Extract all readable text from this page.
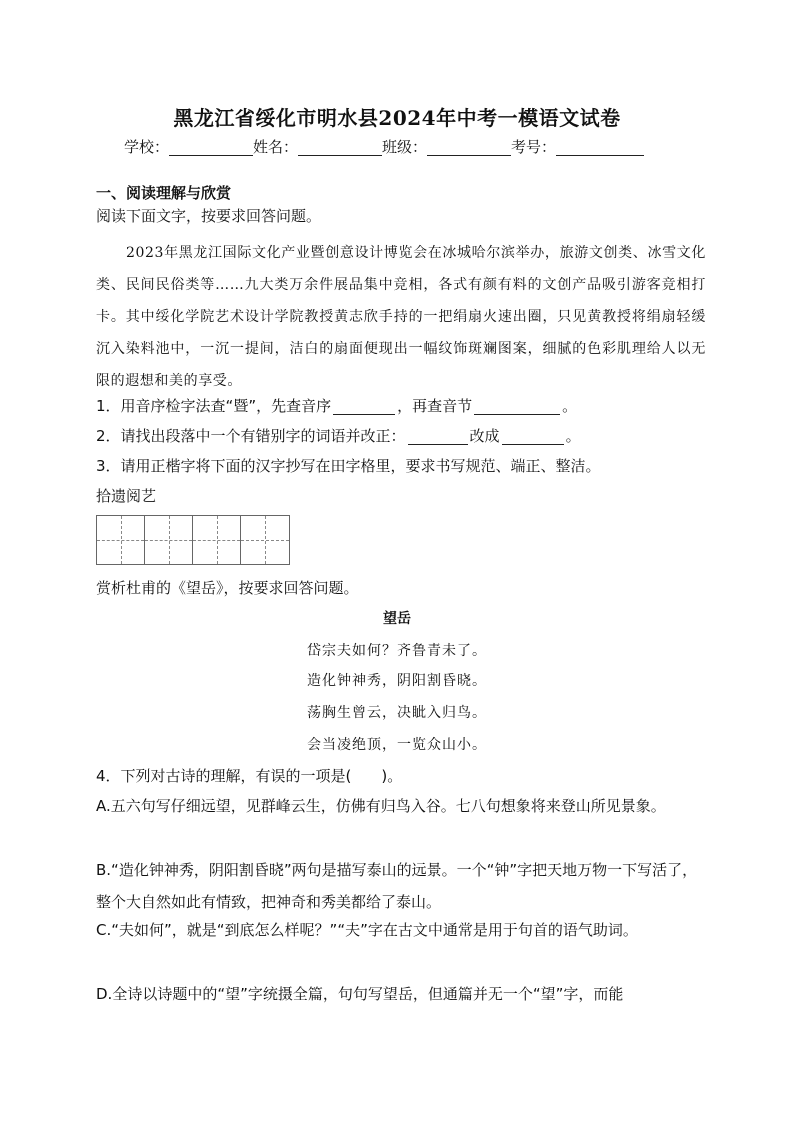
黑龙江省绥化市明水县2024年中考一模语文试卷
学校：	姓名：	班级：	考号：
一、阅读理解与欣赏
阅读下面文字，按要求回答问题。

2023年黑龙江国际文化产业暨创意设计博览会在冰城哈尔滨举办，旅游文创类、冰雪文化类、民间民俗类等……九大类万余件展品集中竞相，各式有颜有料的文创产品吸引游客竞相打卡。其中绥化学院艺术设计学院教授黄志欣手持的一把绢扇火速出圈，只见黄教授将绢扇轻缓沉入染料池中，一沉一提间，洁白的扇面便现出一幅纹饰斑斓图案，细腻的色彩肌理给人以无限的遐想和美的享受。

1．用音序检字法查“暨”，先查音序	，再查音节	。
2．请找出段落中一个有错别字的词语并改正：	改成	。
3．请用正楷字将下面的汉字抄写在田字格里，要求书写规范、端正、整洁。
拾遗阅艺
赏析杜甫的《望岳》，按要求回答问题。
望岳
岱宗夫如何？齐鲁青未了。
造化钟神秀，阴阳割昏晓。
荡胸生曾云，决眦入归鸟。
会当凌绝顶，一览众山小。
4．下列对古诗的理解，有误的一项是(　　)。
A.五六句写仔细远望，见群峰云生，仿佛有归鸟入谷。七八句想象将来登山所见景象。
B.“造化钟神秀，阴阳割昏晓”两句是描写泰山的远景。一个“钟”字把天地万物一下写活了，整个大自然如此有情致，把神奇和秀美都给了泰山。
C.“夫如何”，就是“到底怎么样呢？”“夫”字在古文中通常是用于句首的语气助词。
D.全诗以诗题中的“望”字统摄全篇，句句写望岳，但通篇并无一个“望”字，而能
